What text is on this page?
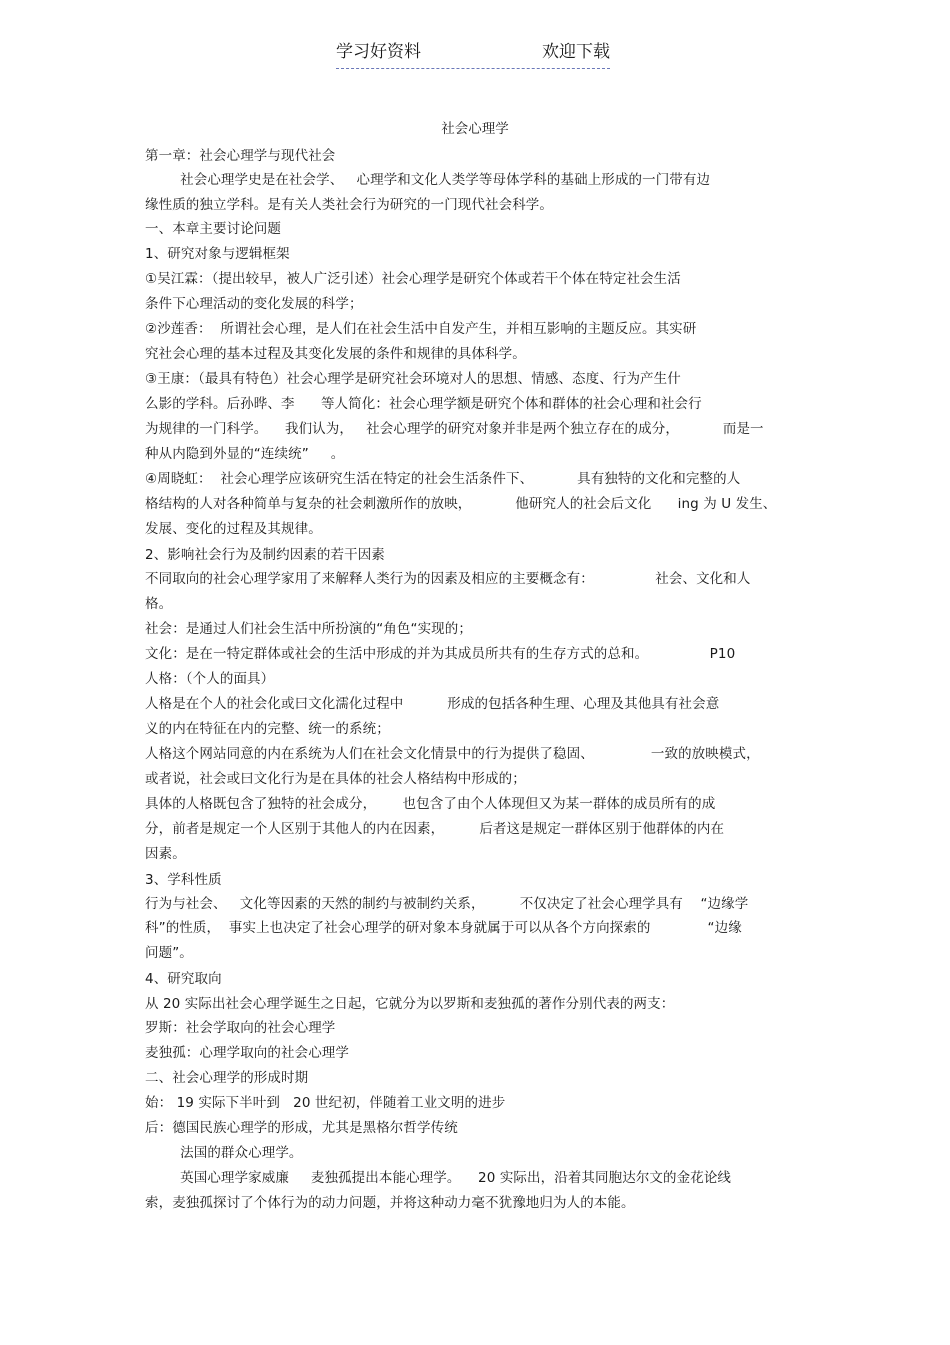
学习好资料	欢迎下载
社会心理学
第一章：社会心理学与现代社会
社会心理学史是在社会学、   心理学和文化人类学等母体学科的基础上形成的一门带有边
缘性质的独立学科。是有关人类社会行为研究的一门现代社会科学。
一、本章主要讨论问题
1、研究对象与逻辑框架
①吴江霖：（提出较早，被人广泛引述）社会心理学是研究个体或若干个体在特定社会生活
条件下心理活动的变化发展的科学；
②沙莲香：  所谓社会心理，是人们在社会生活中自发产生，并相互影响的主题反应。其实研
究社会心理的基本过程及其变化发展的条件和规律的具体科学。
③王康：（最具有特色）社会心理学是研究社会环境对人的思想、情感、态度、行为产生什
么影的学科。后孙晔、李      等人简化：社会心理学额是研究个体和群体的社会心理和社会行
为规律的一门科学。    我们认为，   社会心理学的研究对象并非是两个独立存在的成分，          而是一
种从内隐到外显的“连续统”     。
④周晓虹：  社会心理学应该研究生活在特定的社会生活条件下、          具有独特的文化和完整的人
格结构的人对各种简单与复杂的社会刺激所作的放映，          他研究人的社会后文化      ing 为 U 发生、
发展、变化的过程及其规律。
2、影响社会行为及制约因素的若干因素
不同取向的社会心理学家用了来解释人类行为的因素及相应的主要概念有：              社会、文化和人
格。
社会：是通过人们社会生活中所扮演的“角色“实现的；
文化：是在一特定群体或社会的生活中形成的并为其成员所共有的生存方式的总和。              P10
人格：（个人的面具）
人格是在个人的社会化或曰文化濡化过程中          形成的包括各种生理、心理及其他具有社会意
义的内在特征在内的完整、统一的系统；
人格这个网站同意的内在系统为人们在社会文化情景中的行为提供了稳固、             一致的放映模式，
或者说，社会或曰文化行为是在具体的社会人格结构中形成的；
具体的人格既包含了独特的社会成分，      也包含了由个人体现但又为某一群体的成员所有的成
分，前者是规定一个人区别于其他人的内在因素，        后者这是规定一群体区别于他群体的内在
因素。
3、学科性质
行为与社会、   文化等因素的天然的制约与被制约关系，        不仅决定了社会心理学具有    “边缘学
科”的性质，  事实上也决定了社会心理学的研对象本身就属于可以从各个方向探索的             “边缘
问题”。
4、研究取向
从 20 实际出社会心理学诞生之日起，它就分为以罗斯和麦独孤的著作分别代表的两支：
罗斯：社会学取向的社会心理学
麦独孤：心理学取向的社会心理学
二、社会心理学的形成时期
始： 19 实际下半叶到   20 世纪初，伴随着工业文明的进步
后：德国民族心理学的形成，尤其是黑格尔哲学传统
法国的群众心理学。
英国心理学家威廉     麦独孤提出本能心理学。    20 实际出，沿着其同胞达尔文的金花论线
索，麦独孤探讨了个体行为的动力问题，并将这种动力毫不犹豫地归为人的本能。
